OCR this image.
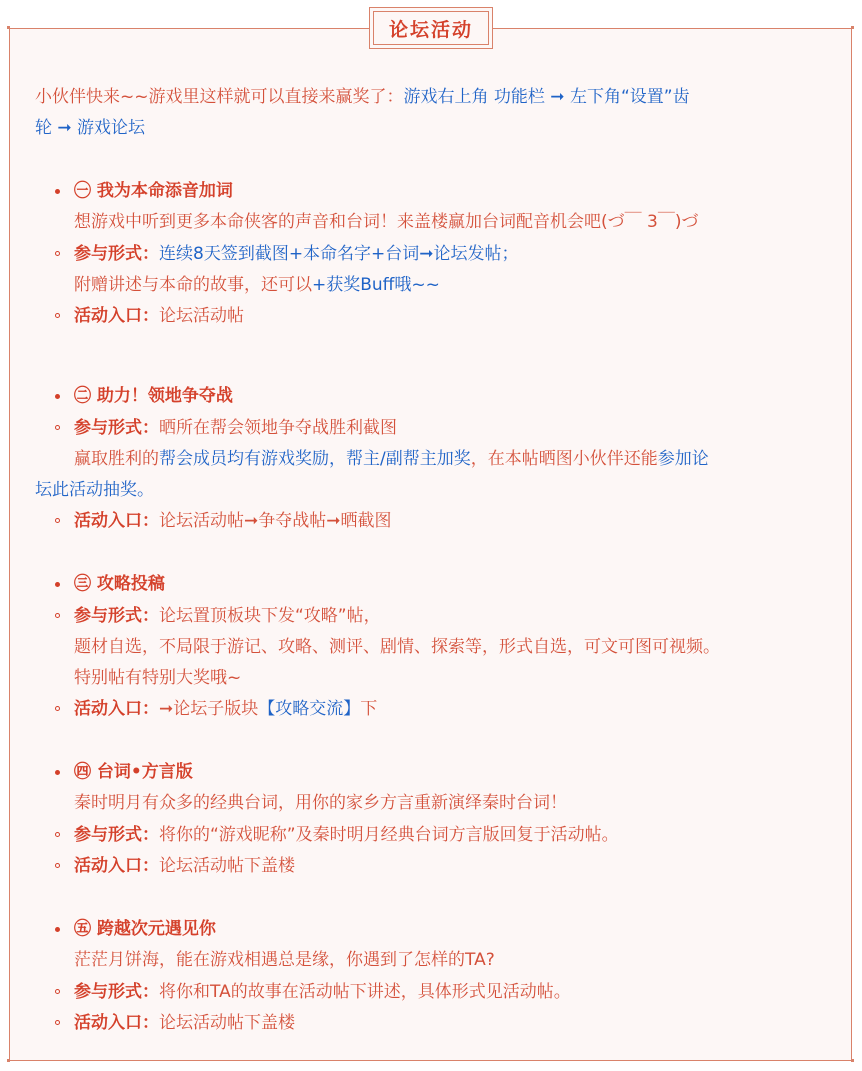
论坛活动
小伙伴快来~~游戏里这样就可以直接来赢奖了：游戏右上角 功能栏 ➞ 左下角“设置”齿
轮 ➞ 游戏论坛
㊀ 我为本命添音加词
想游戏中听到更多本命侠客的声音和台词！来盖楼赢加台词配音机会吧(づ￣ 3￣)づ
参与形式：连续8天签到截图+本命名字+台词➞论坛发帖；
附赠讲述与本命的故事，还可以+获奖Buff哦~~
活动入口：论坛活动帖
㊁ 助力！领地争夺战
参与形式：晒所在帮会领地争夺战胜利截图
赢取胜利的帮会成员均有游戏奖励，帮主/副帮主加奖，在本帖晒图小伙伴还能参加论
坛此活动抽奖。
活动入口：论坛活动帖➞争夺战帖➞晒截图
㊂ 攻略投稿
参与形式：论坛置顶板块下发“攻略”帖，
题材自选，不局限于游记、攻略、测评、剧情、探索等，形式自选，可文可图可视频。
特别帖有特别大奖哦~
活动入口：➞论坛子版块【攻略交流】下
㊃ 台词•方言版
秦时明月有众多的经典台词，用你的家乡方言重新演绎秦时台词！
参与形式：将你的“游戏昵称”及秦时明月经典台词方言版回复于活动帖。
活动入口：论坛活动帖下盖楼
㊄ 跨越次元遇见你
茫茫月饼海，能在游戏相遇总是缘，你遇到了怎样的TA?
参与形式：将你和TA的故事在活动帖下讲述，具体形式见活动帖。
活动入口：论坛活动帖下盖楼
